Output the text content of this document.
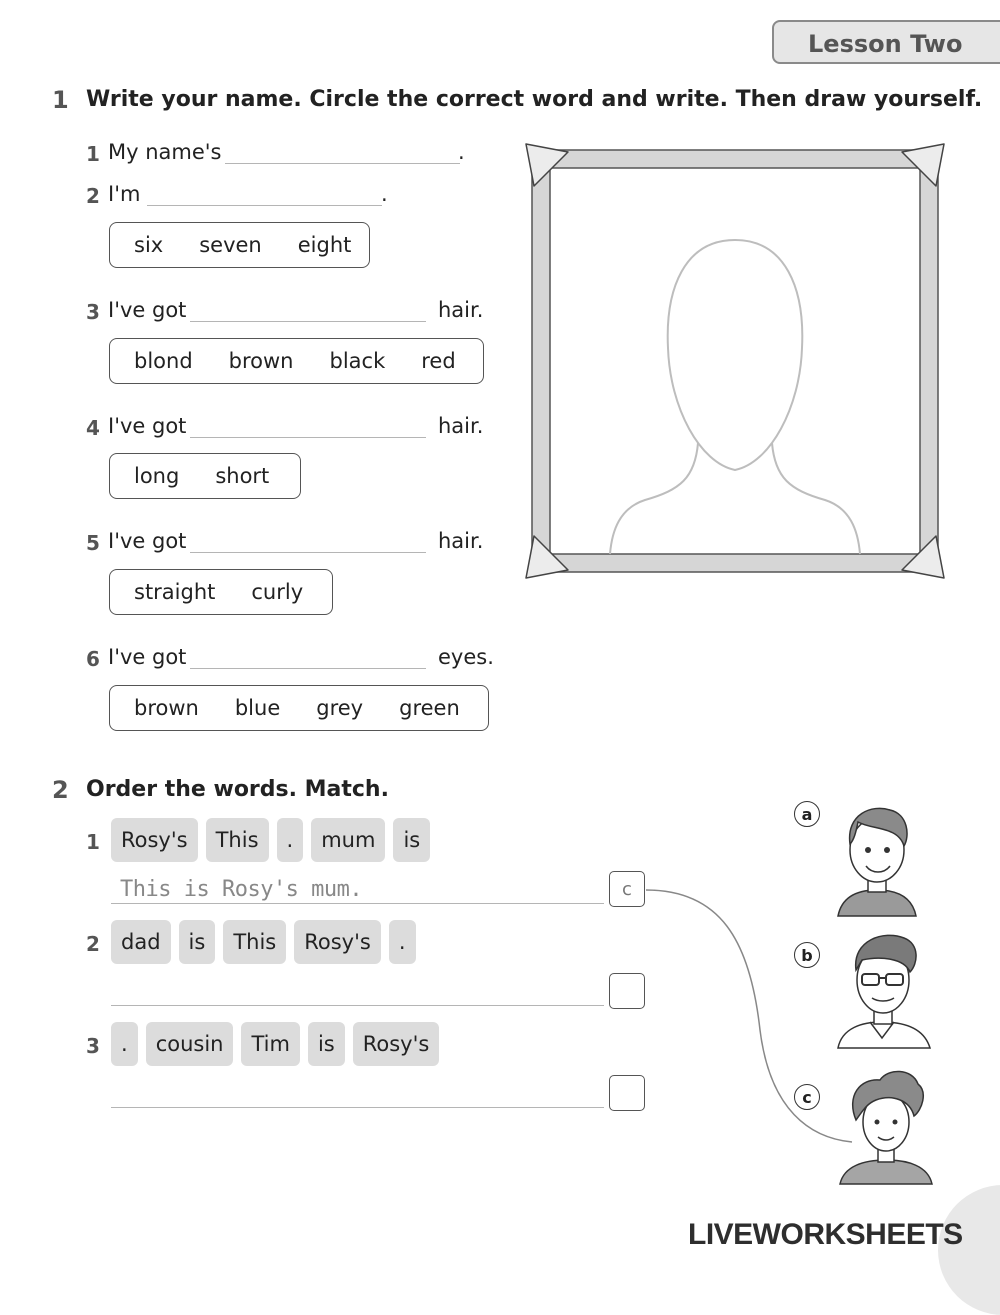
Lesson Two
1 Write your name. Circle the correct word and write. Then draw yourself.
1 My name's	.
2 I'm	.
six seven eight
3 I've got	hair.
blond brown black red
4 I've got	hair.
long short
5 I've got	hair.
straight curly
6 I've got	eyes.
brown blue grey green
2 Order the words. Match.
1	Rosy's	This	.	mum	is
This is Rosy's mum.	c
2	dad	is	This	Rosy's	.
3	.	cousin	Tim	is	Rosy's
a
b
c
LIVEWORKSHEETS
